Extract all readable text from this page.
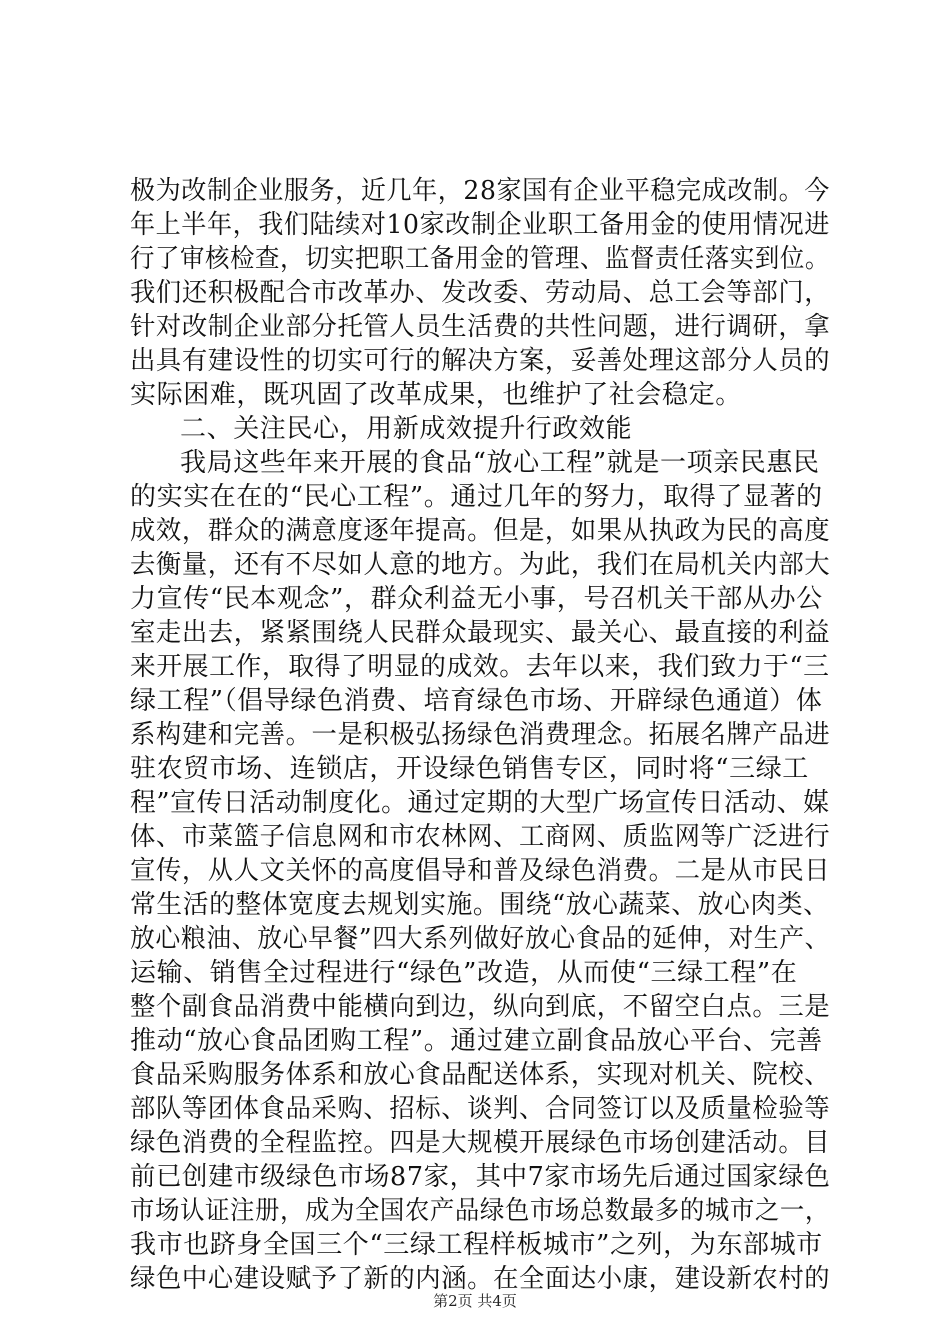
极为改制企业服务，近几年，28家国有企业平稳完成改制。今
年上半年，我们陆续对10家改制企业职工备用金的使用情况进
行了审核检查，切实把职工备用金的管理、监督责任落实到位。
我们还积极配合市改革办、发改委、劳动局、总工会等部门，
针对改制企业部分托管人员生活费的共性问题，进行调研，拿
出具有建设性的切实可行的解决方案，妥善处理这部分人员的
实际困难，既巩固了改革成果，也维护了社会稳定。
二、关注民心，用新成效提升行政效能
我局这些年来开展的食品“放心工程”就是一项亲民惠民
的实实在在的“民心工程”。通过几年的努力，取得了显著的
成效，群众的满意度逐年提高。但是，如果从执政为民的高度
去衡量，还有不尽如人意的地方。为此，我们在局机关内部大
力宣传“民本观念”，群众利益无小事，号召机关干部从办公
室走出去，紧紧围绕人民群众最现实、最关心、最直接的利益
来开展工作，取得了明显的成效。去年以来，我们致力于“三
绿工程”（倡导绿色消费、培育绿色市场、开辟绿色通道）体
系构建和完善。一是积极弘扬绿色消费理念。拓展名牌产品进
驻农贸市场、连锁店，开设绿色销售专区，同时将“三绿工
程”宣传日活动制度化。通过定期的大型广场宣传日活动、媒
体、市菜篮子信息网和市农林网、工商网、质监网等广泛进行
宣传，从人文关怀的高度倡导和普及绿色消费。二是从市民日
常生活的整体宽度去规划实施。围绕“放心蔬菜、放心肉类、
放心粮油、放心早餐”四大系列做好放心食品的延伸，对生产、
运输、销售全过程进行“绿色”改造，从而使“三绿工程”在
整个副食品消费中能横向到边，纵向到底，不留空白点。三是
推动“放心食品团购工程”。通过建立副食品放心平台、完善
食品采购服务体系和放心食品配送体系，实现对机关、院校、
部队等团体食品采购、招标、谈判、合同签订以及质量检验等
绿色消费的全程监控。四是大规模开展绿色市场创建活动。目
前已创建市级绿色市场87家，其中7家市场先后通过国家绿色
市场认证注册，成为全国农产品绿色市场总数最多的城市之一，
我市也跻身全国三个“三绿工程样板城市”之列，为东部城市
绿色中心建设赋予了新的内涵。在全面达小康，建设新农村的
第2页 共4页
